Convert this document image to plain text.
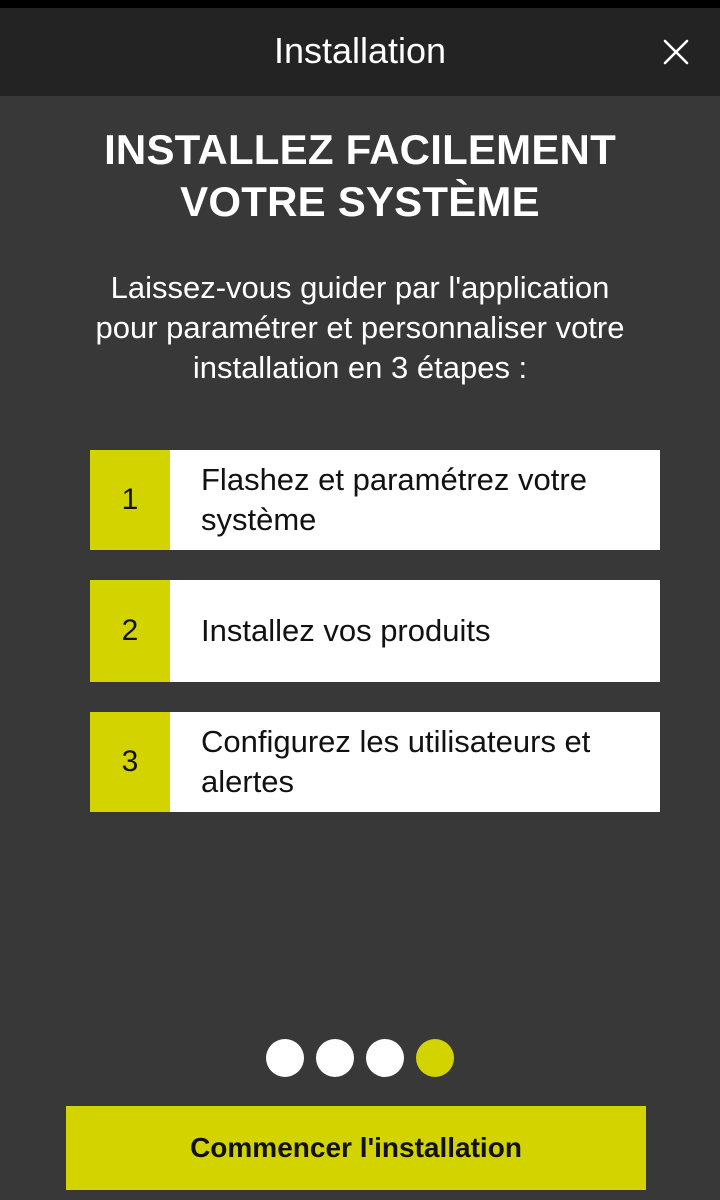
Installation
INSTALLEZ FACILEMENT
VOTRE SYSTÈME
Laissez-vous guider par l'application
pour paramétrer et personnaliser votre
installation en 3 étapes :
1
Flashez et paramétrez votre
système
2	Installez vos produits
3
Configurez les utilisateurs et
alertes
Commencer l'installation
